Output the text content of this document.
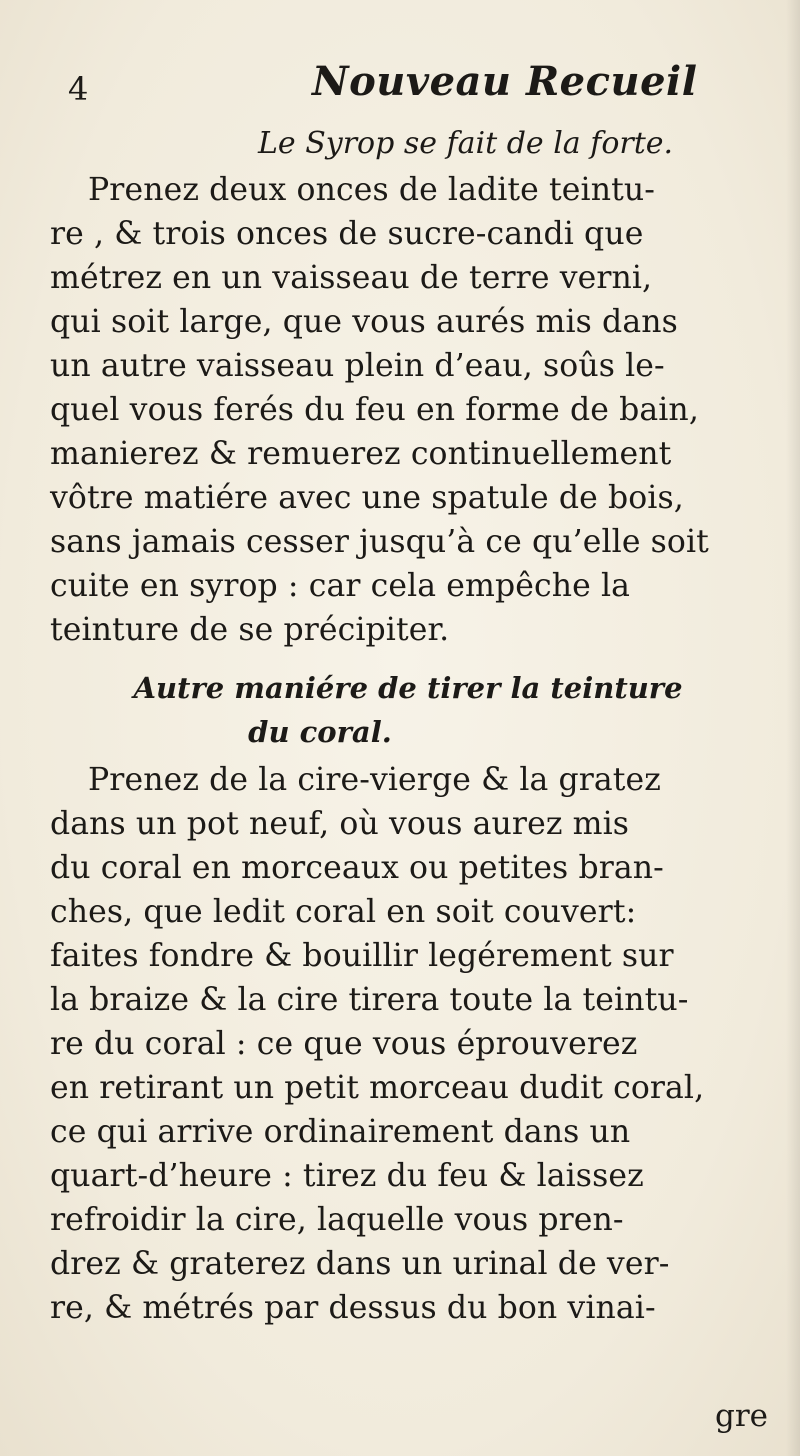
4	Nouveau Recueil
Le Syrop se fait de la forte.
Prenez deux onces de ladite teintu-
re , & trois onces de sucre-candi que
métrez en un vaisseau de terre verni,
qui soit large, que vous aurés mis dans
un autre vaisseau plein d’eau, soûs le-
quel vous ferés du feu en forme de bain,
manierez & remuerez continuellement
vôtre matiére avec une spatule de bois,
sans jamais cesser jusqu’à ce qu’elle soit
cuite en syrop : car cela empêche la
teinture de se précipiter.
Autre maniére de tirer la teinture
du coral.
Prenez de la cire-vierge & la gratez
dans un pot neuf, où vous aurez mis
du coral en morceaux ou petites bran-
ches, que ledit coral en soit couvert:
faites fondre & bouillir legérement sur
la braize & la cire tirera toute la teintu-
re du coral : ce que vous éprouverez
en retirant un petit morceau dudit coral,
ce qui arrive ordinairement dans un
quart-d’heure : tirez du feu & laissez
refroidir la cire, laquelle vous pren-
drez & graterez dans un urinal de ver-
re, & métrés par dessus du bon vinai-
gre
